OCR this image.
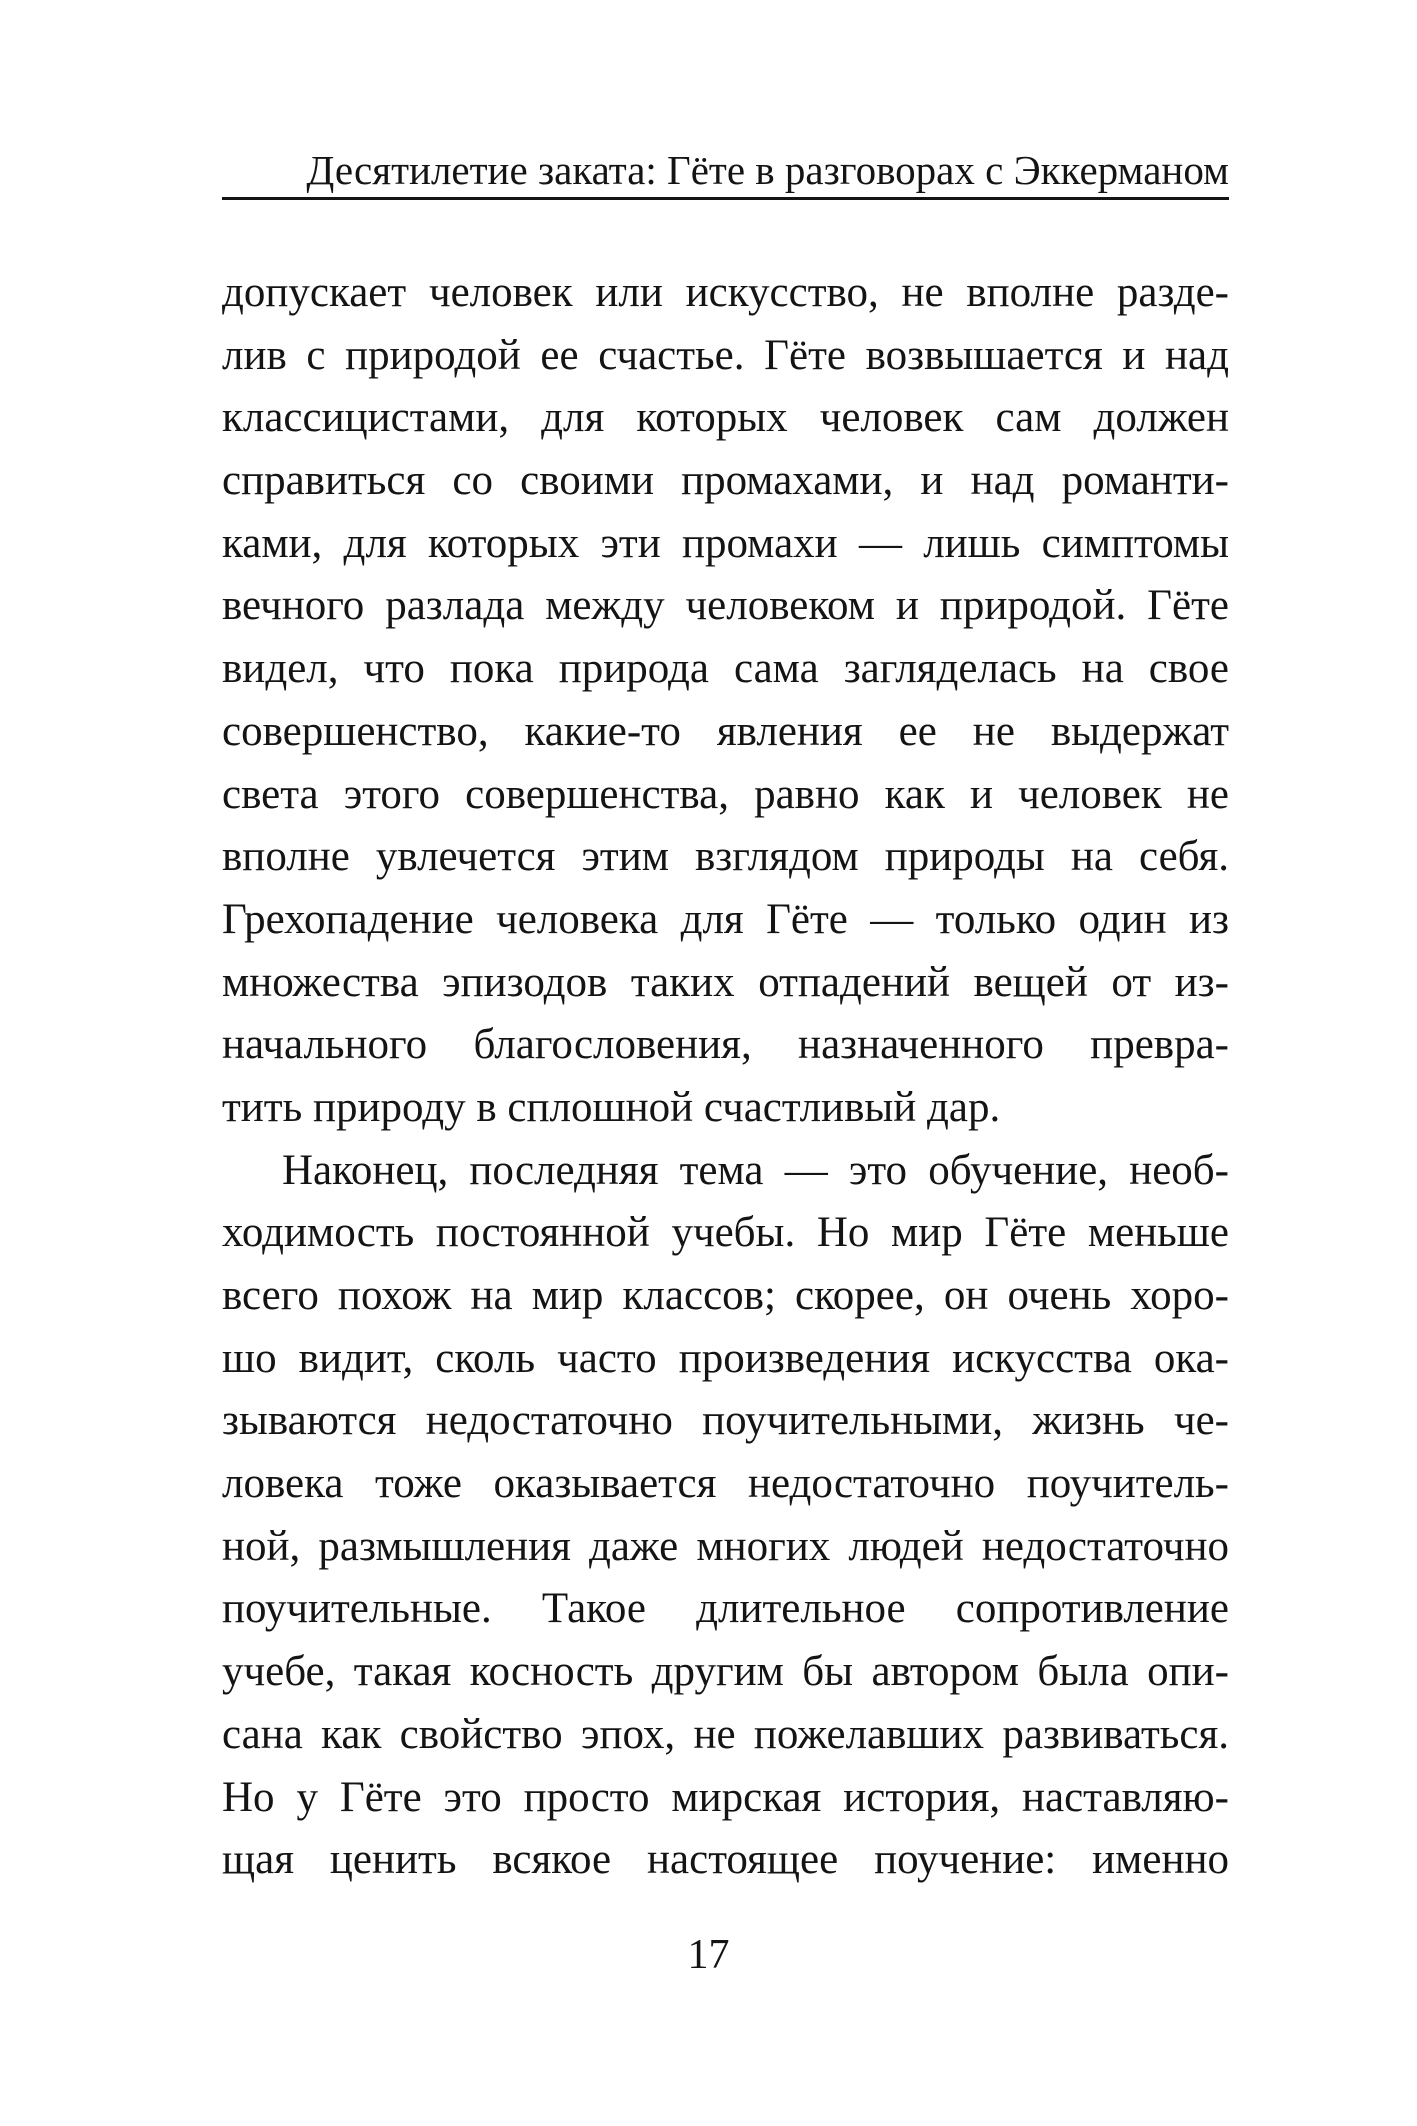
Десятилетие заката: Гёте в разговорах с Эккерманом
допускает человек или искусство, не вполне разде-
лив с природой ее счастье. Гёте возвышается и над
классицистами, для которых человек сам должен
справиться со своими промахами, и над романти-
ками, для которых эти промахи — лишь симптомы
вечного разлада между человеком и природой. Гёте
видел, что пока природа сама загляделась на свое
совершенство, какие-то явления ее не выдержат
света этого совершенства, равно как и человек не
вполне увлечется этим взглядом природы на себя.
Грехопадение человека для Гёте — только один из
множества эпизодов таких отпадений вещей от из-
начального благословения, назначенного превра-
тить природу в сплошной счастливый дар.
Наконец, последняя тема — это обучение, необ-
ходимость постоянной учебы. Но мир Гёте меньше
всего похож на мир классов; скорее, он очень хоро-
шо видит, сколь часто произведения искусства ока-
зываются недостаточно поучительными, жизнь че-
ловека тоже оказывается недостаточно поучитель-
ной, размышления даже многих людей недостаточно
поучительные. Такое длительное сопротивление
учебе, такая косность другим бы автором была опи-
сана как свойство эпох, не пожелавших развиваться.
Но у Гёте это просто мирская история, наставляю-
щая ценить всякое настоящее поучение: именно
17
